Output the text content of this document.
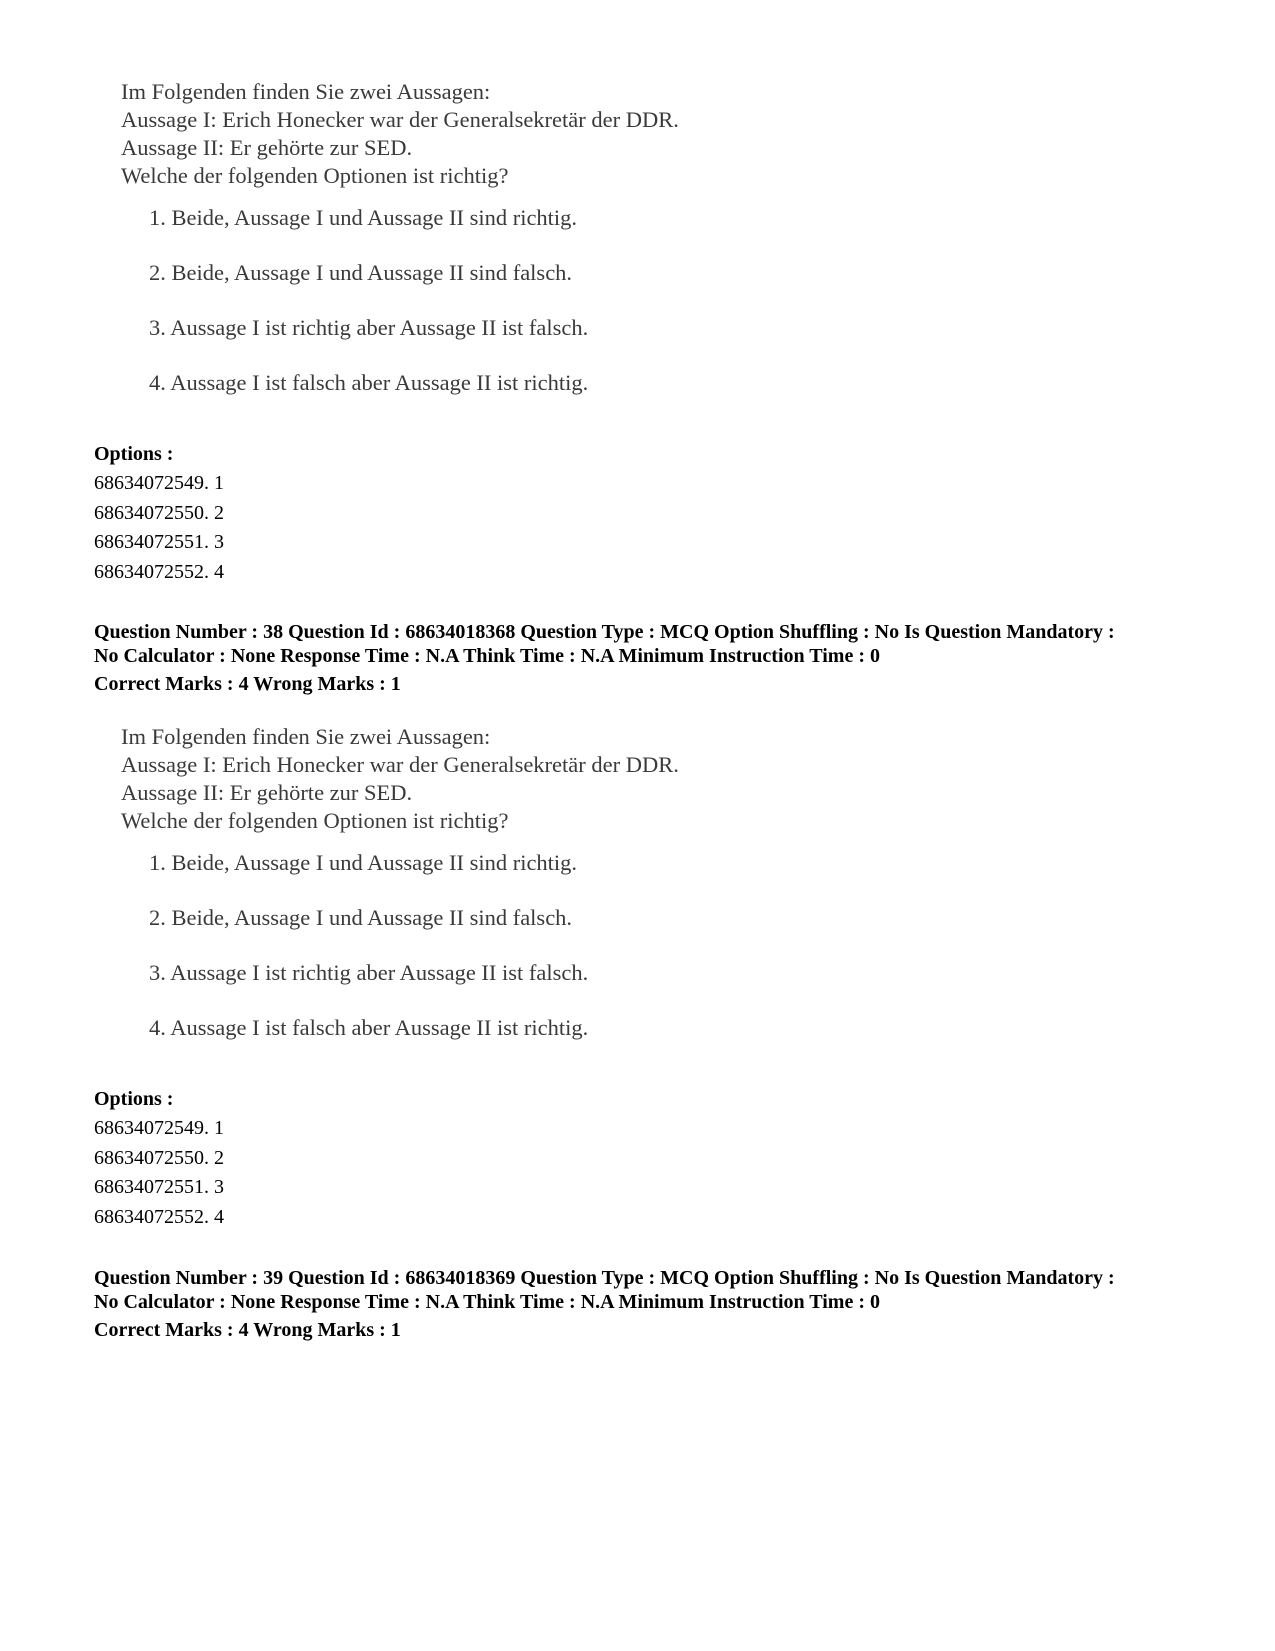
Im Folgenden finden Sie zwei Aussagen:

Aussage I: Erich Honecker war der Generalsekretär der DDR.

Aussage II: Er gehörte zur SED.

Welche der folgenden Optionen ist richtig?

1. Beide, Aussage I und Aussage II sind richtig.
2. Beide, Aussage I und Aussage II sind falsch.
3. Aussage I ist richtig aber Aussage II ist falsch.
4. Aussage I ist falsch aber Aussage II ist richtig.
Options :
68634072549. 1
68634072550. 2
68634072551. 3
68634072552. 4

Question Number : 38 Question Id : 68634018368 Question Type : MCQ Option Shuffling : No Is Question Mandatory :

No Calculator : None Response Time : N.A Think Time : N.A Minimum Instruction Time : 0

Correct Marks : 4 Wrong Marks : 1

Im Folgenden finden Sie zwei Aussagen:

Aussage I: Erich Honecker war der Generalsekretär der DDR.

Aussage II: Er gehörte zur SED.

Welche der folgenden Optionen ist richtig?

1. Beide, Aussage I und Aussage II sind richtig.
2. Beide, Aussage I und Aussage II sind falsch.
3. Aussage I ist richtig aber Aussage II ist falsch.
4. Aussage I ist falsch aber Aussage II ist richtig.
Options :
68634072549. 1
68634072550. 2
68634072551. 3
68634072552. 4

Question Number : 39 Question Id : 68634018369 Question Type : MCQ Option Shuffling : No Is Question Mandatory :

No Calculator : None Response Time : N.A Think Time : N.A Minimum Instruction Time : 0

Correct Marks : 4 Wrong Marks : 1
